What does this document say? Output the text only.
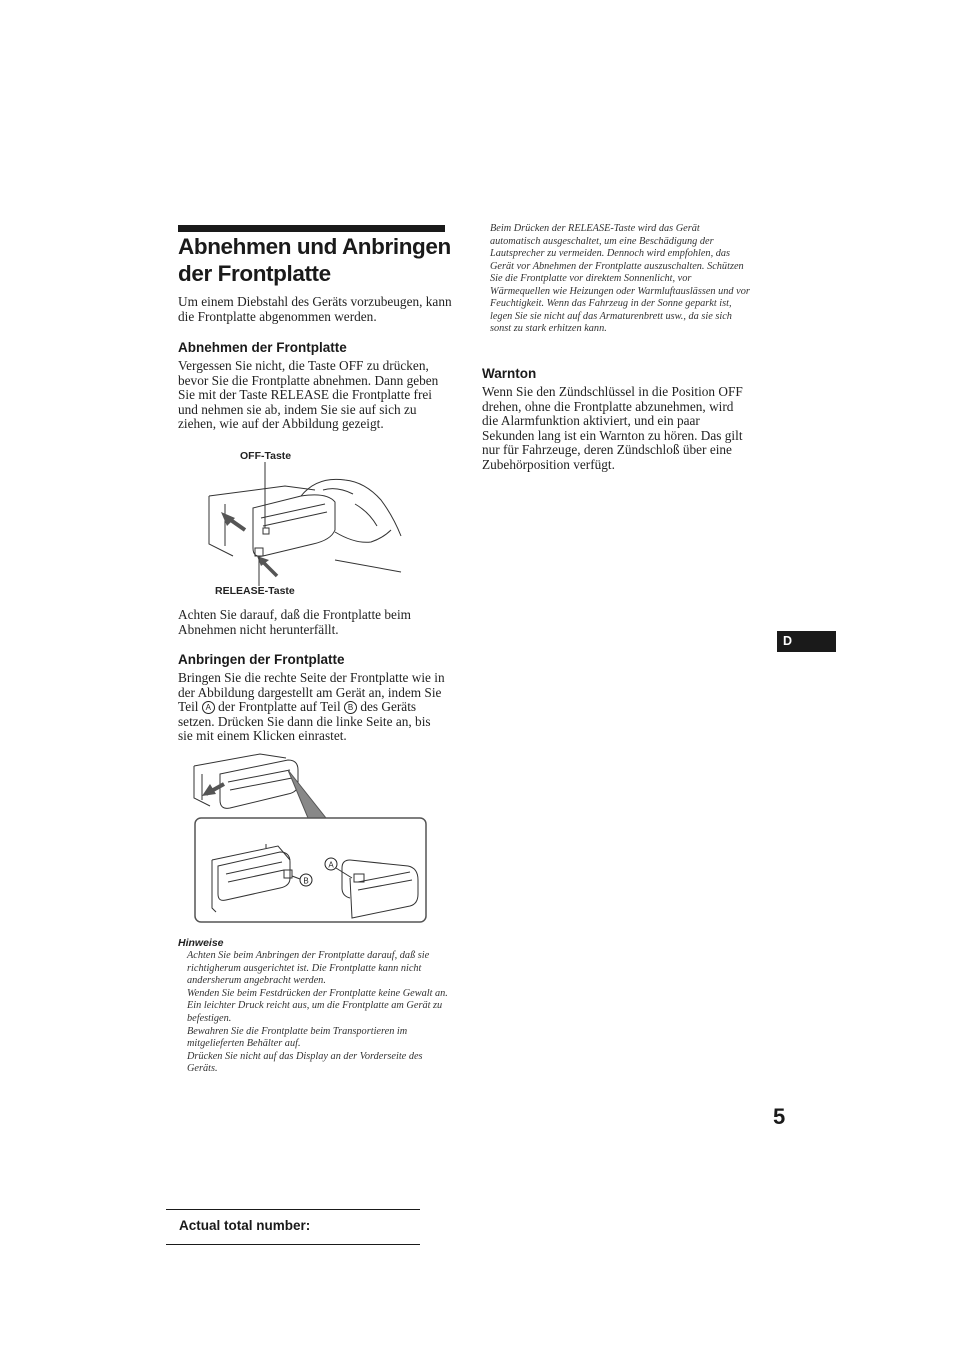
Abnehmen und Anbringen der Frontplatte

Um einem Diebstahl des Geräts vorzubeugen, kann die Frontplatte abgenommen werden.

Abnehmen der Frontplatte

Vergessen Sie nicht, die Taste OFF zu drücken, bevor Sie die Frontplatte abnehmen. Dann geben Sie mit der Taste RELEASE die Frontplatte frei und nehmen sie ab, indem Sie sie auf sich zu ziehen, wie auf der Abbildung gezeigt.

OFF-Taste
RELEASE-Taste

Achten Sie darauf, daß die Frontplatte beim Abnehmen nicht herunterfällt.

Anbringen der Frontplatte

Bringen Sie die rechte Seite der Frontplatte wie in der Abbildung dargestellt am Gerät an, indem Sie Teil A der Frontplatte auf Teil B des Geräts setzen. Drücken Sie dann die linke Seite an, bis sie mit einem Klicken einrastet.

B
A
Hinweise
Achten Sie beim Anbringen der Frontplatte darauf, daß sie richtigherum ausgerichtet ist. Die Frontplatte kann nicht andersherum angebracht werden.
Wenden Sie beim Festdrücken der Frontplatte keine Gewalt an. Ein leichter Druck reicht aus, um die Frontplatte am Gerät zu befestigen.
Bewahren Sie die Frontplatte beim Transportieren im mitgelieferten Behälter auf.
Drücken Sie nicht auf das Display an der Vorderseite des Geräts.

Beim Drücken der RELEASE-Taste wird das Gerät automatisch ausgeschaltet, um eine Beschädigung der Lautsprecher zu vermeiden. Dennoch wird empfohlen, das Gerät vor Abnehmen der Frontplatte auszuschalten. Schützen Sie die Frontplatte vor direktem Sonnenlicht, vor Wärmequellen wie Heizungen oder Warmluftauslässen und vor Feuchtigkeit. Wenn das Fahrzeug in der Sonne geparkt ist, legen Sie sie nicht auf das Armaturenbrett usw., da sie sich sonst zu stark erhitzen kann.

Warnton

Wenn Sie den Zündschlüssel in die Position OFF drehen, ohne die Frontplatte abzunehmen, wird die Alarmfunktion aktiviert, und ein paar Sekunden lang ist ein Warnton zu hören. Das gilt nur für Fahrzeuge, deren Zündschloß über eine Zubehörposition verfügt.

D
5
Actual total number:
